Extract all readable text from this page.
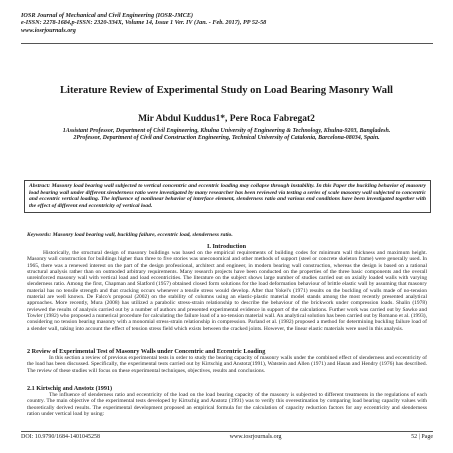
IOSR Journal of Mechanical and Civil Engineering (IOSR-JMCE)
e-ISSN: 2278-1684,p-ISSN: 2320-334X, Volume 14, Issue 1 Ver. IV (Jan. - Feb. 2017), PP 52-58
www.iosrjournals.org
Literature Review of Experimental Study on Load Bearing Masonry Wall
Mir Abdul Kuddus1*, Pere Roca Fabregat2
1Assistant Professor, Department of Civil Engineering, Khulna University of Engineering & Technology, Khulna-9203, Bangladesh.
2Professor, Department of Civil and Construction Engineering, Technical University of Catalonia, Barcelona-08034, Spain.
Abstract: Masonry load bearing wall subjected to vertical concentric and eccentric loading may collapse through instability. In this Paper the buckling behavior of masonry load bearing wall under different slenderness ratio were investigated by many researcher has been reviewed via testing a series of scale masonry wall subjected to concentric and eccentric vertical loading. The influence of nonlinear behavior of interface element, slenderness ratio and various end conditions have been investigated together with the effect of different end eccentricity of vertical load.
Keywords: Masonry load bearing wall, buckling failure, eccentric load, slenderness ratio.
I. Introduction
Historically, the structural design of masonry buildings was based on the empirical requirements of building codes for minimum wall thickness and maximum height. Masonry wall construction for buildings higher than three to five stories was uneconomical and other methods of support (steel or concrete skeleton frame) were generally used. In 1965, there was a renewed interest on the part of the design professional, architect and engineer, in modern bearing wall construction, whereas the design is based on a rational structural analysis rather than on outmoded arbitrary requirements. Many research projects have been conducted on the properties of the three basic components and the overall unreinforced masonry wall with vertical load and load eccentricities. The literature on the subject shows large number of studies carried out on axially loaded walls with varying slenderness ratio. Among the first, Chapman and Slatford (1957) obtained closed form solutions for the load deformation behaviour of brittle elastic wall by assuming that masonry material has no tensile strength and that cracking occurs whenever a tensile stress would develop. After that Yokel's (1971) results on the buckling of walls made of no-tension material are well known. De Falco's proposal (2002) on the stability of columns using an elastic-plastic material model stands among the most recently presented analytical approaches. More recently, Mura (2008) has utilized a parabolic stress-strain relationship to describe the behaviour of the brickwork under compression loads. Shalin (1978) reviewed the results of analysis carried out by a number of authors and presented experimental evidence in support of the calculations. Further work was carried out by Sawko and Towler (1982) who proposed a numerical procedure for calculating the failure load of a no-tension material wall. An analytical solution has been carried out by Romano et al. (1993), considering no tension bearing masonry with a monomial stress-strain relationship in compression. Parland et al. (1982) proposed a method for determining buckling failure load of a slender wall, taking into account the effect of tension stress field which exists between the cracked joints. However, the linear elastic materials were used in this analysis.
2 Review of Experimental Test of Masonry Walls under Concentric and Eccentric Loading
In this section a review of previous experimental tests in order to study the bearing capacity of masonry walls under the combined effect of slenderness and eccentricity of the load has been discussed. Specifically, the experimental tests carried out by Kirtschig and Anstotz(1991), Watstein and Allen (1971) and Hasan and Hendry (1976) has described. The review of these studies will focus on these experimental techniques, objectives, results and conclusions.
2.1 Kirtschig and Anstotz (1991)
The influence of slenderness ratio and eccentricity of the load on the load bearing capacity of the masonry is subjected to different treatments in the regulations of each country. The main objective of the experimental tests developed by Kirtschig and Anstotz (1991) was to verify this overestimation by comparing load bearing capacity values with theoretically derived results. The experimental development proposed an empirical formula for the calculation of capacity reduction factors for any eccentricity and slenderness ration under vertical load by using:
DOI: 10.9790/1684-1401045258	www.iosrjournals.org	52 | Page
